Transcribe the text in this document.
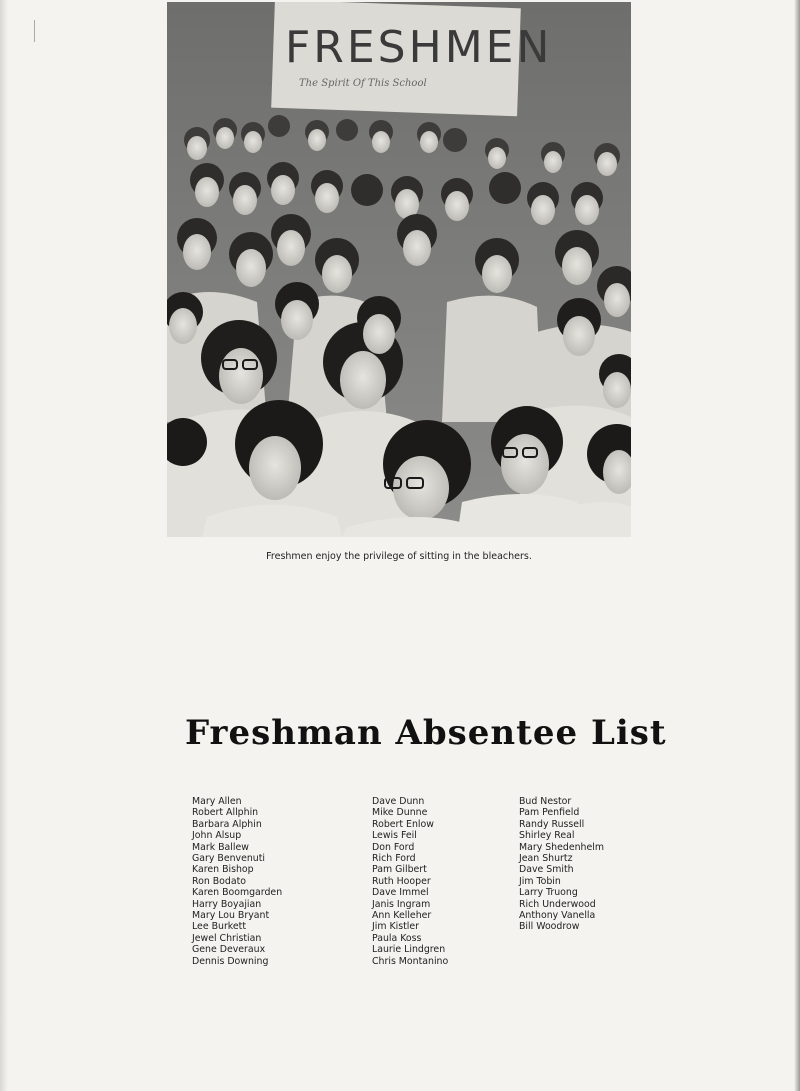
FRESHMEN
The Spirit Of This School
Freshmen enjoy the privilege of sitting in the bleachers.
Freshman Absentee List
Mary Allen
Robert Allphin
Barbara Alphin
John Alsup
Mark Ballew
Gary Benvenuti
Karen Bishop
Ron Bodato
Karen Boomgarden
Harry Boyajian
Mary Lou Bryant
Lee Burkett
Jewel Christian
Gene Deveraux
Dennis Downing
Dave Dunn
Mike Dunne
Robert Enlow
Lewis Feil
Don Ford
Rich Ford
Pam Gilbert
Ruth Hooper
Dave Immel
Janis Ingram
Ann Kelleher
Jim Kistler
Paula Koss
Laurie Lindgren
Chris Montanino
Bud Nestor
Pam Penfield
Randy Russell
Shirley Real
Mary Shedenhelm
Jean Shurtz
Dave Smith
Jim Tobin
Larry Truong
Rich Underwood
Anthony Vanella
Bill Woodrow
